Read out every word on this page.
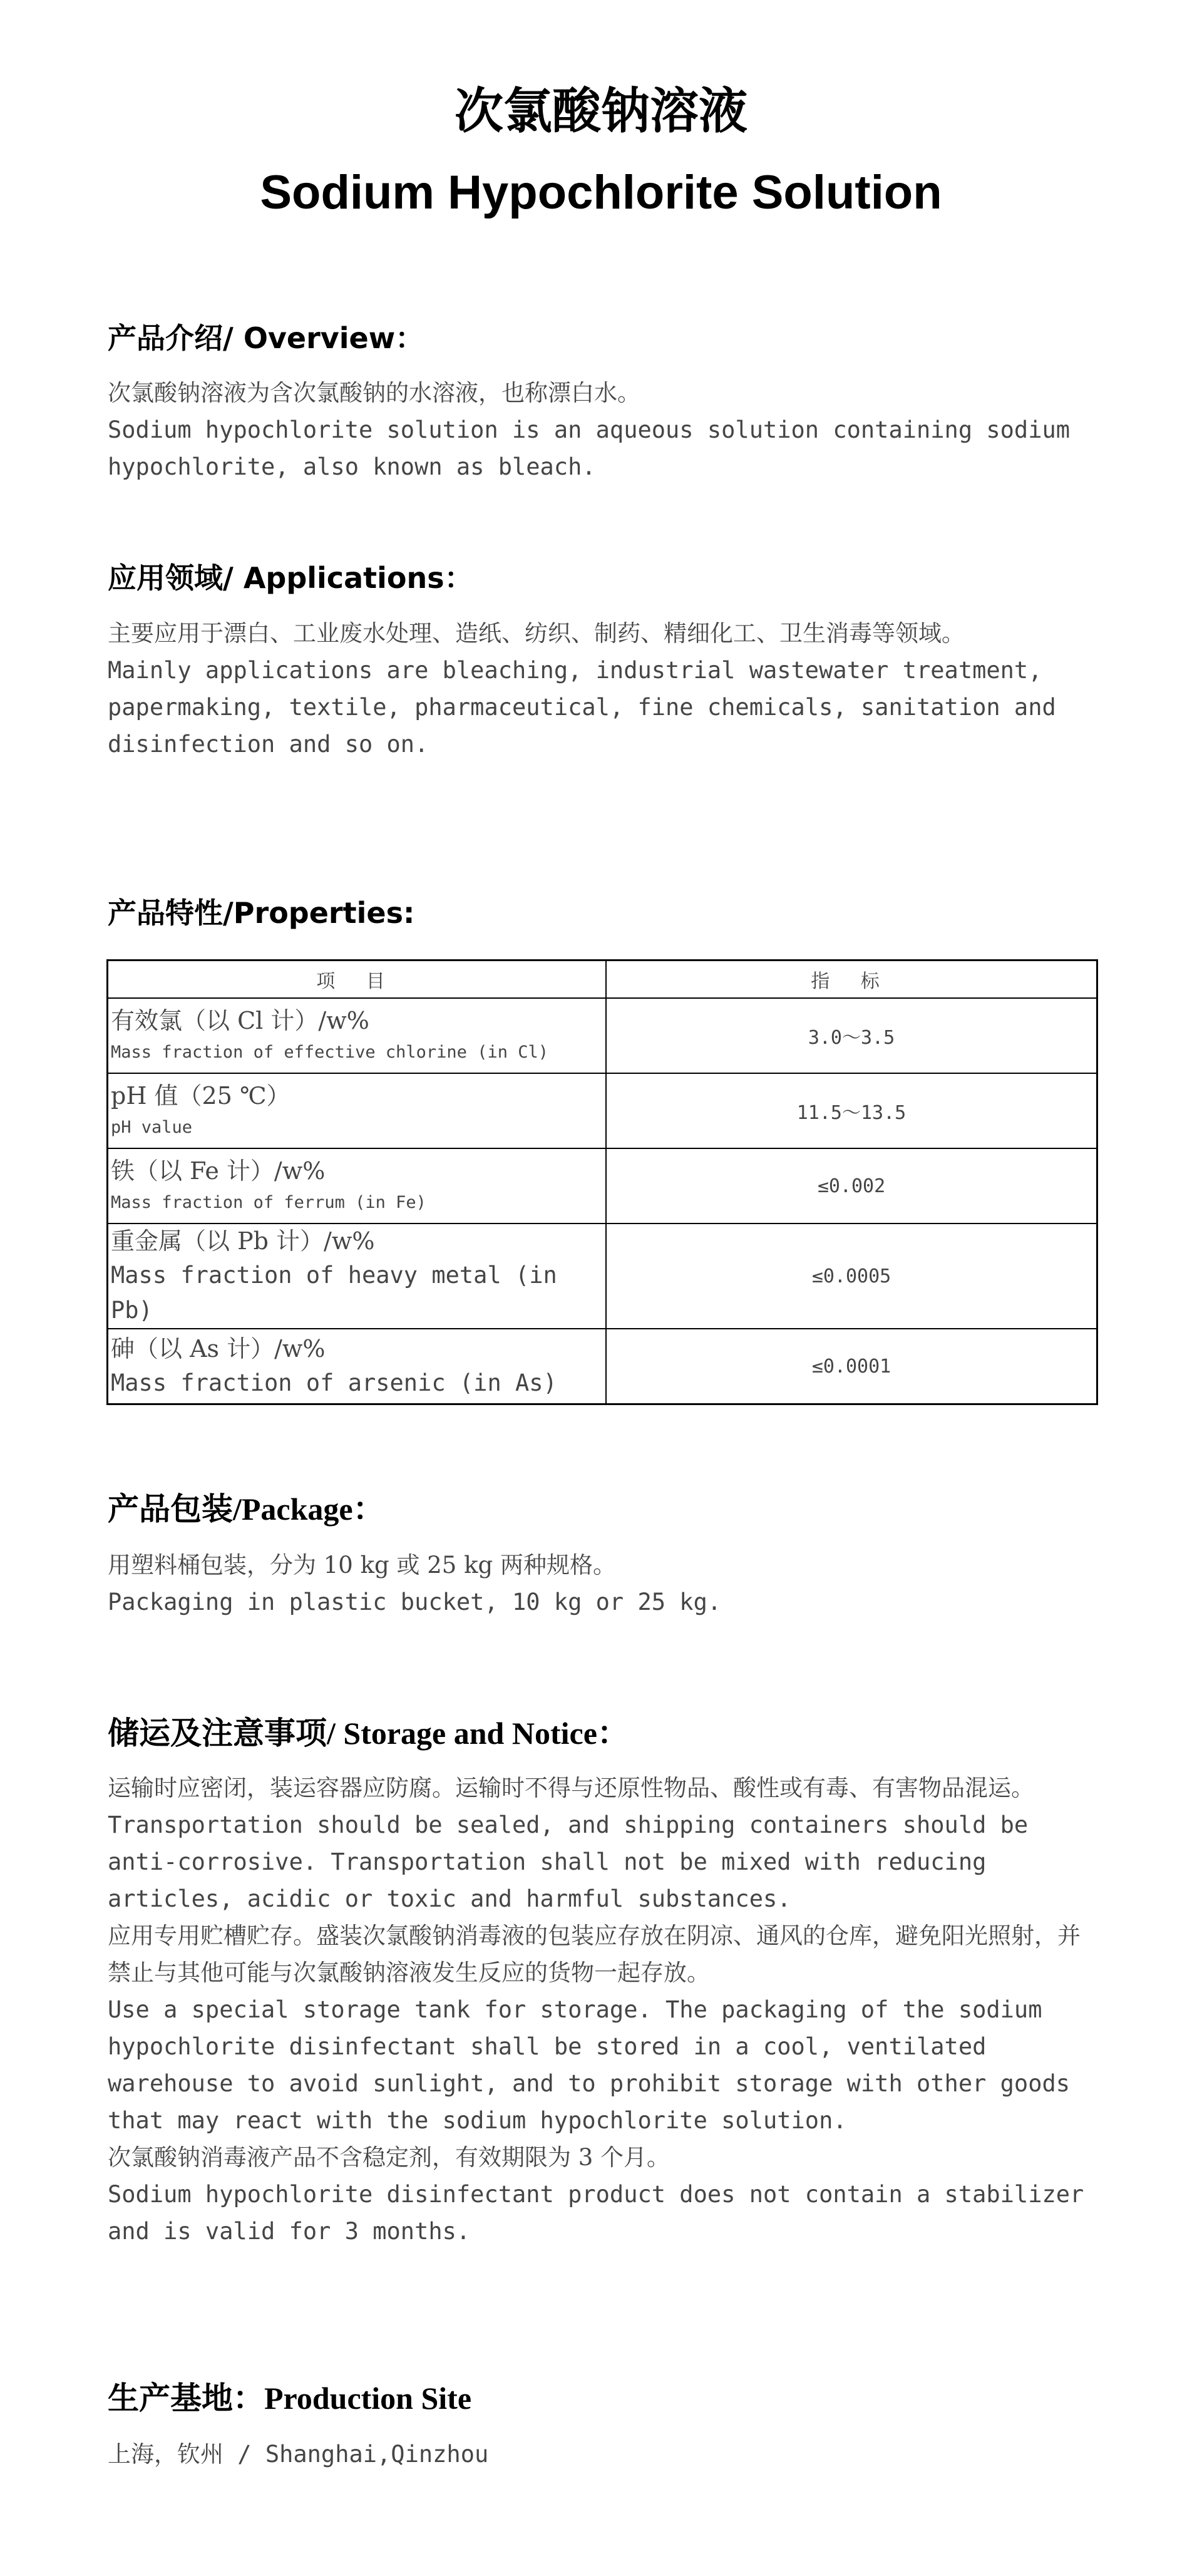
次氯酸钠溶液
Sodium Hypochlorite Solution
产品介绍/ Overview：

次氯酸钠溶液为含次氯酸钠的水溶液，也称漂白水。

Sodium hypochlorite solution is an aqueous solution containing sodium hypochlorite, also known as bleach.

应用领域/ Applications：

主要应用于漂白、工业废水处理、造纸、纺织、制药、精细化工、卫生消毒等领域。

Mainly applications are bleaching, industrial wastewater treatment, papermaking, textile, pharmaceutical, fine chemicals, sanitation and disinfection and so on.

产品特性/Properties:
项 目	指 标

有效氯（以 Cl 计）/w%
Mass fraction of effective chlorine (in Cl)	3.0～3.5

pH 值（25 ℃）
pH value	11.5～13.5

铁（以 Fe 计）/w%
Mass fraction of ferrum (in Fe)	≤0.002

重金属（以 Pb 计）/w%
Mass fraction of heavy metal (in Pb)	≤0.0005

砷（以 As 计）/w%
Mass fraction of arsenic (in As)	≤0.0001
产品包装/Package：

用塑料桶包装，分为 10 kg 或 25 kg 两种规格。

Packaging in plastic bucket, 10 kg or 25 kg.

储运及注意事项/ Storage and Notice：

运输时应密闭，装运容器应防腐。运输时不得与还原性物品、酸性或有毒、有害物品混运。

Transportation should be sealed, and shipping containers should be anti-corrosive. Transportation shall not be mixed with reducing articles, acidic or toxic and harmful substances.

应用专用贮槽贮存。盛装次氯酸钠消毒液的包装应存放在阴凉、通风的仓库，避免阳光照射，并禁止与其他可能与次氯酸钠溶液发生反应的货物一起存放。

Use a special storage tank for storage. The packaging of the sodium hypochlorite disinfectant shall be stored in a cool, ventilated warehouse to avoid sunlight, and to prohibit storage with other goods that may react with the sodium hypochlorite solution.

次氯酸钠消毒液产品不含稳定剂，有效期限为 3 个月。

Sodium hypochlorite disinfectant product does not contain a stabilizer and is valid for 3 months.

生产基地：Production Site

上海，钦州 / Shanghai,Qinzhou
